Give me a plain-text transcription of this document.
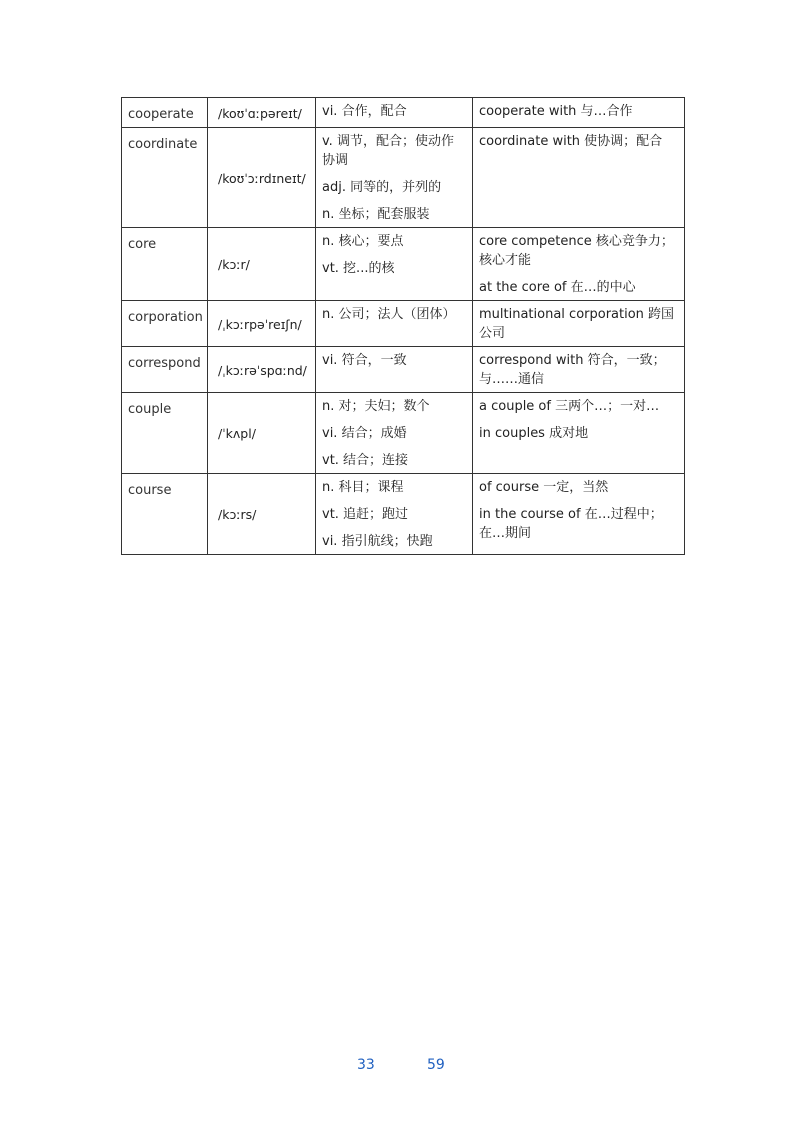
cooperate	/koʊˈɑːpəreɪt/	vi. 合作，配合	cooperate with 与…合作

coordinate	/koʊˈɔːrdɪneɪt/	v. 调节，配合；使动作协调
adj. 同等的，并列的
n. 坐标；配套服装	coordinate with 使协调；配合

core	/kɔːr/	n. 核心；要点
vt. 挖...的核	core competence 核心竞争力；核心才能
at the core of 在…的中心

corporation	/ˌkɔːrpəˈreɪʃn/	n. 公司；法人（团体）	multinational corporation 跨国公司

correspond	/ˌkɔːrəˈspɑːnd/	vi. 符合，一致	correspond with 符合，一致；与……通信

couple	/ˈkʌpl/	n. 对；夫妇；数个
vi. 结合；成婚
vt. 结合；连接	a couple of 三两个…；一对…
in couples 成对地

course	/kɔːrs/	n. 科目；课程
vt. 追赶；跑过
vi. 指引航线；快跑	of course 一定，当然
in the course of 在…过程中；在…期间
33	59
